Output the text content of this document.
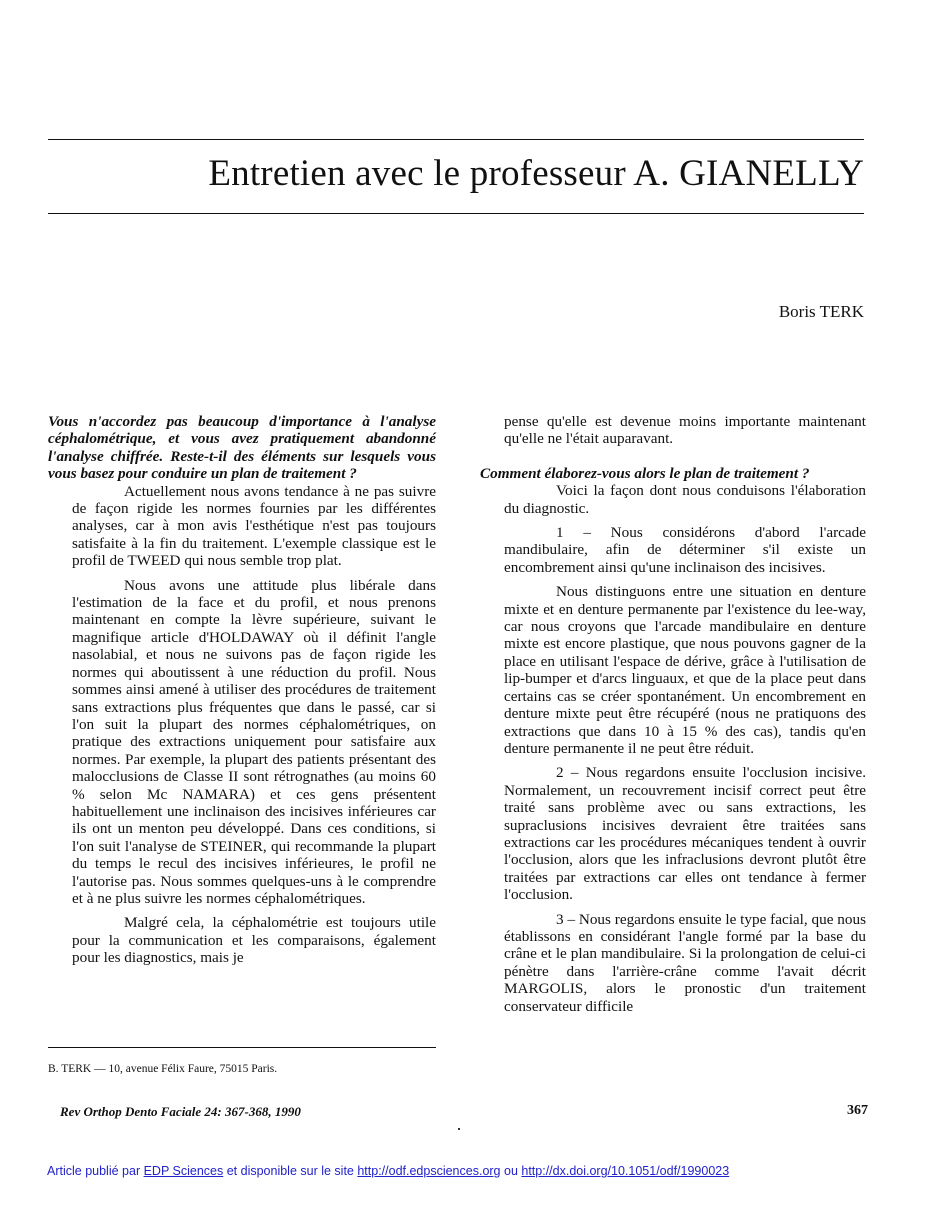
Entretien avec le professeur A. GIANELLY
Boris TERK

Vous n'accordez pas beaucoup d'importance à l'analyse céphalométrique, et vous avez pratiquement abandonné l'analyse chiffrée. Reste-t-il des éléments sur lesquels vous vous basez pour conduire un plan de traitement ?

Actuellement nous avons tendance à ne pas suivre de façon rigide les normes fournies par les différentes analyses, car à mon avis l'esthétique n'est pas toujours satisfaite à la fin du traitement. L'exemple classique est le profil de TWEED qui nous semble trop plat.

Nous avons une attitude plus libérale dans l'estimation de la face et du profil, et nous prenons maintenant en compte la lèvre supérieure, suivant le magnifique article d'HOLDAWAY où il définit l'angle nasolabial, et nous ne suivons pas de façon rigide les normes qui aboutissent à une réduction du profil. Nous sommes ainsi amené à utiliser des procédures de traitement sans extractions plus fréquentes que dans le passé, car si l'on suit la plupart des normes céphalométriques, on pratique des extractions uniquement pour satisfaire aux normes. Par exemple, la plupart des patients présentant des malocclusions de Classe II sont rétrognathes (au moins 60 % selon Mc NAMARA) et ces gens présentent habituellement une inclinaison des incisives inférieures car ils ont un menton peu développé. Dans ces conditions, si l'on suit l'analyse de STEINER, qui recommande la plupart du temps le recul des incisives inférieures, le profil ne l'autorise pas. Nous sommes quelques-uns à le comprendre et à ne plus suivre les normes céphalométriques.

Malgré cela, la céphalométrie est toujours utile pour la communication et les comparaisons, également pour les diagnostics, mais je

pense qu'elle est devenue moins importante maintenant qu'elle ne l'était auparavant.

Comment élaborez-vous alors le plan de traitement ?

Voici la façon dont nous conduisons l'élaboration du diagnostic.

1 – Nous considérons d'abord l'arcade mandibulaire, afin de déterminer s'il existe un encombrement ainsi qu'une inclinaison des incisives.

Nous distinguons entre une situation en denture mixte et en denture permanente par l'existence du lee-way, car nous croyons que l'arcade mandibulaire en denture mixte est encore plastique, que nous pouvons gagner de la place en utilisant l'espace de dérive, grâce à l'utilisation de lip-bumper et d'arcs linguaux, et que de la place peut dans certains cas se créer spontanément. Un encombrement en denture mixte peut être récupéré (nous ne pratiquons des extractions que dans 10 à 15 % des cas), tandis qu'en denture permanente il ne peut être réduit.

2 – Nous regardons ensuite l'occlusion incisive. Normalement, un recouvrement incisif correct peut être traité sans problème avec ou sans extractions, les supraclusions incisives devraient être traitées sans extractions car les procédures mécaniques tendent à ouvrir l'occlusion, alors que les infraclusions devront plutôt être traitées par extractions car elles ont tendance à fermer l'occlusion.

3 – Nous regardons ensuite le type facial, que nous établissons en considérant l'angle formé par la base du crâne et le plan mandibulaire. Si la prolongation de celui-ci pénètre dans l'arrière-crâne comme l'avait décrit MARGOLIS, alors le pronostic d'un traitement conservateur difficile

B. TERK — 10, avenue Félix Faure, 75015 Paris.
Rev Orthop Dento Faciale 24: 367-368, 1990	367
Article publié par EDP Sciences et disponible sur le site http://odf.edpsciences.org ou http://dx.doi.org/10.1051/odf/1990023
